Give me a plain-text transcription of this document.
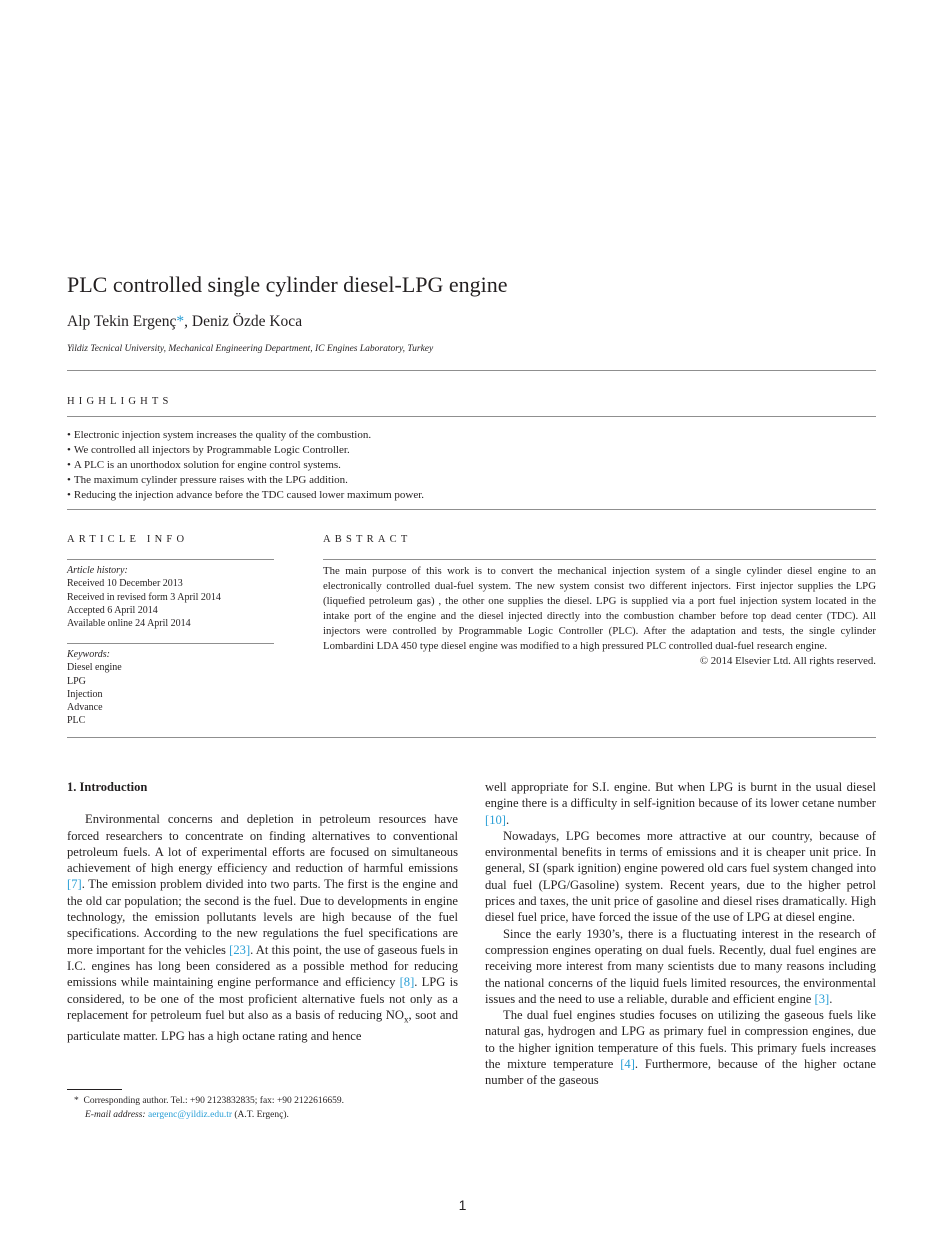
PLC controlled single cylinder diesel-LPG engine
Alp Tekin Ergenç*, Deniz Özde Koca
Yildiz Tecnical University, Mechanical Engineering Department, IC Engines Laboratory, Turkey
HIGHLIGHTS
• Electronic injection system increases the quality of the combustion.
• We controlled all injectors by Programmable Logic Controller.
• A PLC is an unorthodox solution for engine control systems.
• The maximum cylinder pressure raises with the LPG addition.
• Reducing the injection advance before the TDC caused lower maximum power.
ARTICLE INFO	ABSTRACT
Article history:
Received 10 December 2013
Received in revised form 3 April 2014
Accepted 6 April 2014
Available online 24 April 2014
Keywords:
Diesel engine
LPG
Injection
Advance
PLC
The main purpose of this work is to convert the mechanical injection system of a single cylinder diesel engine to an electronically controlled dual-fuel system. The new system consist two different injectors. First injector supplies the LPG (liquefied petroleum gas) , the other one supplies the diesel. LPG is supplied via a port fuel injection system located in the intake port of the engine and the diesel injected directly into the combustion chamber before top dead center (TDC). All injectors were controlled by Programmable Logic Controller (PLC). After the adaptation and tests, the single cylinder Lombardini LDA 450 type diesel engine was modified to a high pressured PLC controlled dual-fuel research engine.
© 2014 Elsevier Ltd. All rights reserved.
1. Introduction

Environmental concerns and depletion in petroleum resources have forced researchers to concentrate on finding alternatives to conventional petroleum fuels. A lot of experimental efforts are focused on simultaneous achievement of high energy efficiency and reduction of harmful emissions [7]. The emission problem divided into two parts. The first is the engine and the old car population; the second is the fuel. Due to developments in engine technology, the emission pollutants levels are high because of the fuel specifications. According to the new regulations the fuel specifications are more important for the vehicles [23]. At this point, the use of gaseous fuels in I.C. engines has long been considered as a possible method for reducing emissions while maintaining engine performance and efficiency [8]. LPG is considered, to be one of the most proficient alternative fuels not only as a replacement for petroleum fuel but also as a basis of reducing $NO_x$, soot and particulate matter. LPG has a high octane rating and hence

well appropriate for S.I. engine. But when LPG is burnt in the usual diesel engine there is a difficulty in self-ignition because of its lower cetane number [10].

Nowadays, LPG becomes more attractive at our country, because of environmental benefits in terms of emissions and it is cheaper unit price. In general, SI (spark ignition) engine powered old cars fuel system changed into dual fuel (LPG/Gasoline) system. Recent years, due to the higher petrol prices and taxes, the unit price of gasoline and diesel rises dramatically. High diesel fuel price, have forced the issue of the use of LPG at diesel engine.

Since the early 1930’s, there is a fluctuating interest in the research of compression engines operating on dual fuels. Recently, dual fuel engines are receiving more interest from many scientists due to many reasons including the national concerns of the liquid fuels limited resources, the environmental issues and the need to use a reliable, durable and efficient engine [3].

The dual fuel engines studies focuses on utilizing the gaseous fuels like natural gas, hydrogen and LPG as primary fuel in compression engines, due to the higher ignition temperature of this fuels. This primary fuels increases the mixture temperature [4]. Furthermore, because of the higher octane number of the gaseous

* Corresponding author. Tel.: +90 2123832835; fax: +90 2122616659.
E-mail address: aergenc@yildiz.edu.tr (A.T. Ergenç).
1
